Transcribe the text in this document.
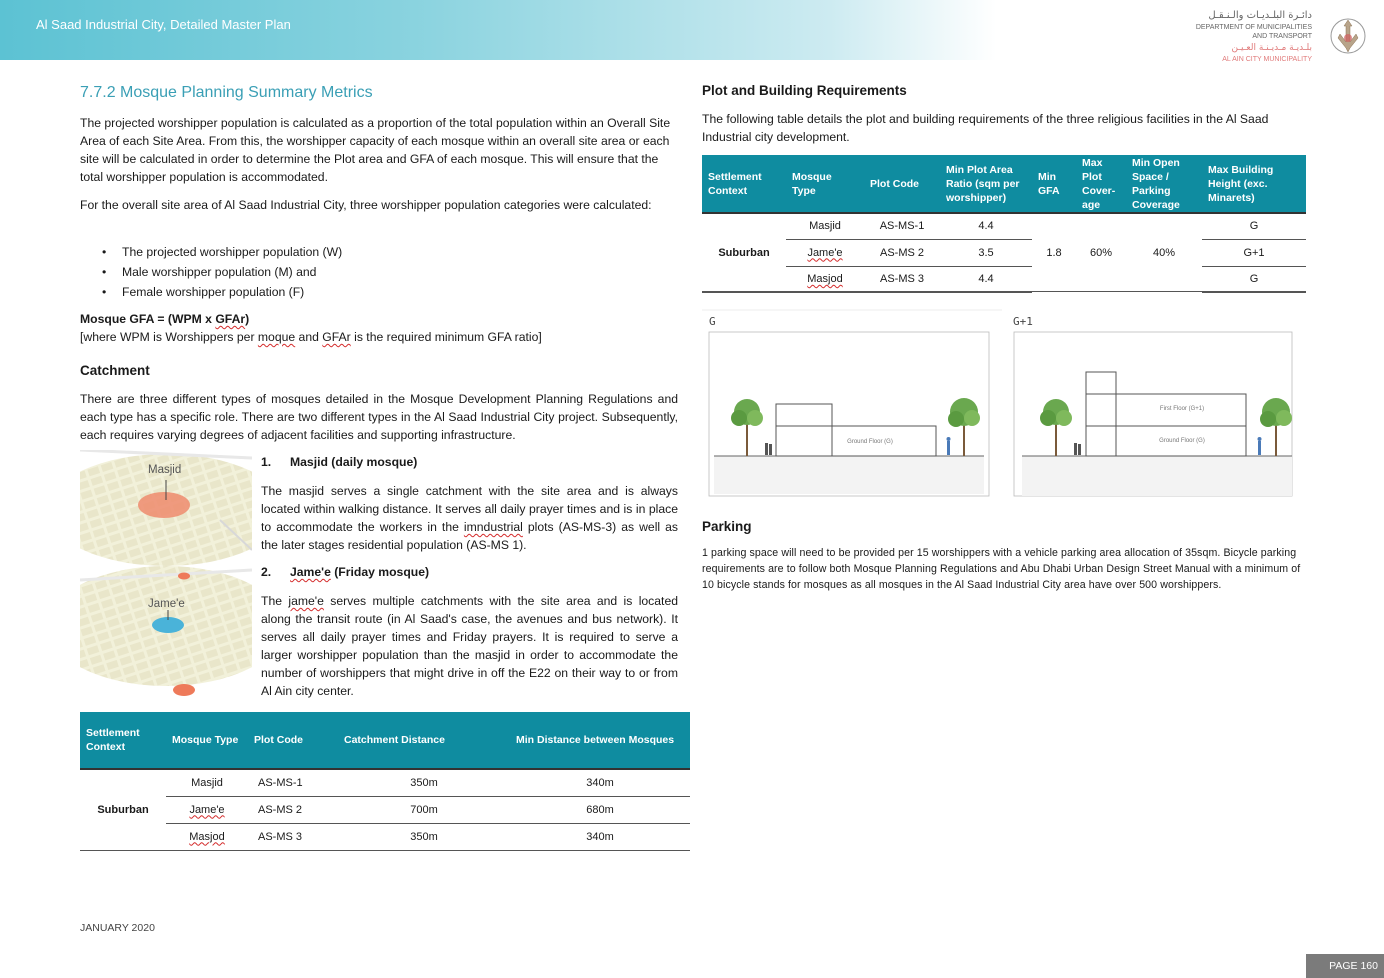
Al Saad Industrial City, Detailed Master Plan
دائـرة البلـديـات والـنـقـل
DEPARTMENT OF MUNICIPALITIES
AND TRANSPORT
بلـديـة مـديـنـة العـيـن
AL AIN CITY MUNICIPALITY
7.7.2 Mosque Planning Summary Metrics
The projected worshipper population is calculated as a proportion of the total population within an Overall Site Area of each Site Area. From this, the worshipper capacity of each mosque within an overall site area or each site will be calculated in order to determine the Plot area and GFA of each mosque. This will ensure that the total worshipper population is accommodated.
For the overall site area of Al Saad Industrial City, three worshipper population categories were calculated:
• The projected worshipper population (W)
• Male worshipper population (M) and
• Female worshipper population (F)
Mosque GFA = (WPM x GFAr)
[where WPM is Worshippers per moque and GFAr is the required minimum GFA ratio]
Catchment
There are three different types of mosques detailed in the Mosque Development Planning Regulations and each type has a specific role. There are two different types in the Al Saad Industrial City project. Subsequently, each requires varying degrees of adjacent facilities and supporting infrastructure.
Masjid
Jame'e
1. Masjid (daily mosque)
The masjid serves a single catchment with the site area and is always located within walking distance. It serves all daily prayer times and is in place to accommodate the workers in the imndustrial plots (AS-MS-3) as well as the later stages residential population (AS-MS 1).
2. Jame'e (Friday mosque)
The jame'e serves multiple catchments with the site area and is located along the transit route (in Al Saad's case, the avenues and bus network). It serves all daily prayer times and Friday prayers. It is required to serve a larger worshipper population than the masjid in order to accommodate the number of worshippers that might drive in off the E22 on their way to or from Al Ain city center.
Settlement Context	Mosque Type	Plot Code	Catchment Distance	Min Distance between Mosques
Suburban	Masjid	AS-MS-1	350m	340m
	Jame'e	AS-MS 2	700m	680m
	Masjod	AS-MS 3	350m	340m
Plot and Building Requirements
The following table details the plot and building requirements of the three religious facilities in the Al Saad Industrial city development.
Settlement Context	Mosque Type	Plot Code	Min Plot Area Ratio (sqm per worshipper)	Min GFA	Max Plot Cover-age	Min Open Space / Parking Coverage	Max Building Height (exc. Minarets)
Suburban	Masjid	AS-MS-1	4.4	1.8	60%	40%	G
	Jame'e	AS-MS 2	3.5				G+1
	Masjod	AS-MS 3	4.4				G
G	G+1
Ground Floor (G)
First Floor (G+1)
Ground Floor (G)
Parking
1 parking space will need to be provided per 15 worshippers with a vehicle parking area allocation of 35sqm. Bicycle parking requirements are to follow both Mosque Planning Regulations and Abu Dhabi Urban Design Street Manual with a minimum of 10 bicycle stands for mosques as all mosques in the Al Saad Industrial City area have over 500 worshippers.
JANUARY 2020
PAGE 160
